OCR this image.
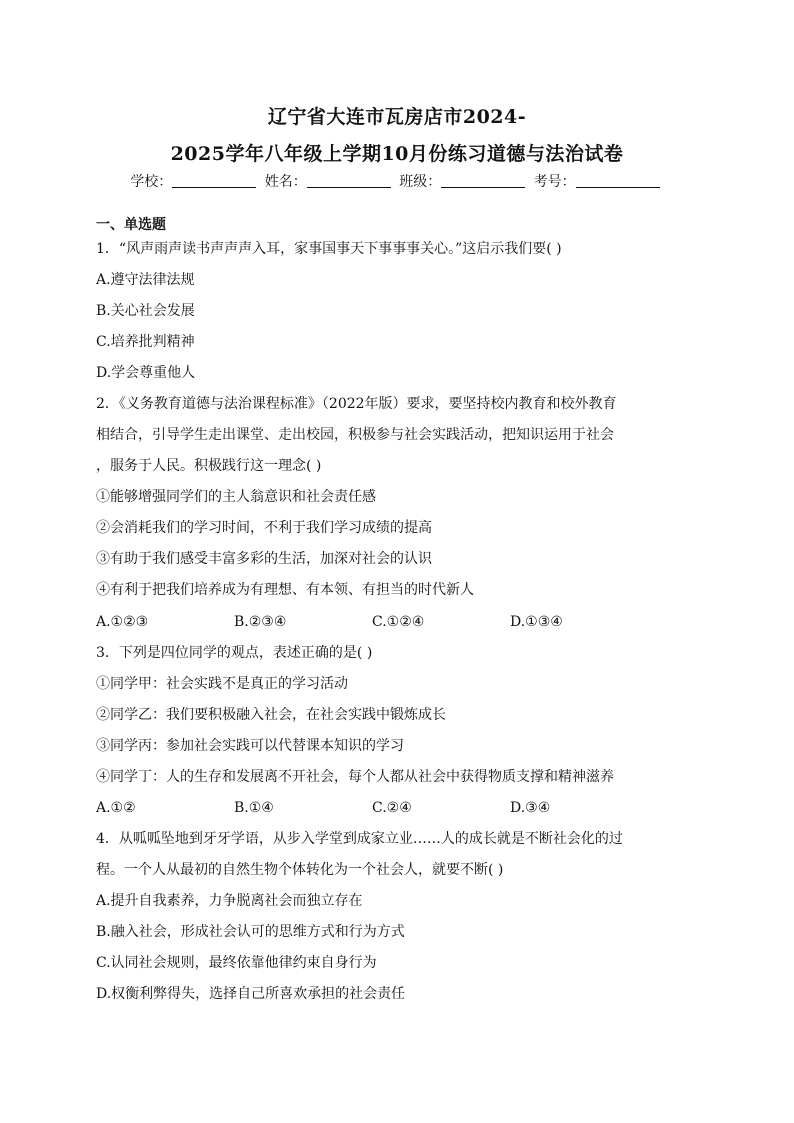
辽宁省大连市瓦房店市2024-
2025学年八年级上学期10月份练习道德与法治试卷
学校：	姓名：	班级：	考号：
一、单选题
1．“风声雨声读书声声声入耳，家事国事天下事事事关心。”这启示我们要( )
A.遵守法律法规
B.关心社会发展
C.培养批判精神
D.学会尊重他人
2．《义务教育道德与法治课程标准》（2022年版）要求，要坚持校内教育和校外教育
相结合，引导学生走出课堂、走出校园，积极参与社会实践活动，把知识运用于社会
，服务于人民。积极践行这一理念( )
①能够增强同学们的主人翁意识和社会责任感
②会消耗我们的学习时间，不利于我们学习成绩的提高
③有助于我们感受丰富多彩的生活，加深对社会的认识
④有利于把我们培养成为有理想、有本领、有担当的时代新人
A.①②③	B.②③④	C.①②④	D.①③④
3．下列是四位同学的观点，表述正确的是( )
①同学甲：社会实践不是真正的学习活动
②同学乙：我们要积极融入社会，在社会实践中锻炼成长
③同学丙：参加社会实践可以代替课本知识的学习
④同学丁：人的生存和发展离不开社会，每个人都从社会中获得物质支撑和精神滋养
A.①②	B.①④	C.②④	D.③④
4．从呱呱坠地到牙牙学语，从步入学堂到成家立业……人的成长就是不断社会化的过
程。一个人从最初的自然生物个体转化为一个社会人，就要不断( )
A.提升自我素养，力争脱离社会而独立存在
B.融入社会，形成社会认可的思维方式和行为方式
C.认同社会规则，最终依靠他律约束自身行为
D.权衡利弊得失，选择自己所喜欢承担的社会责任
